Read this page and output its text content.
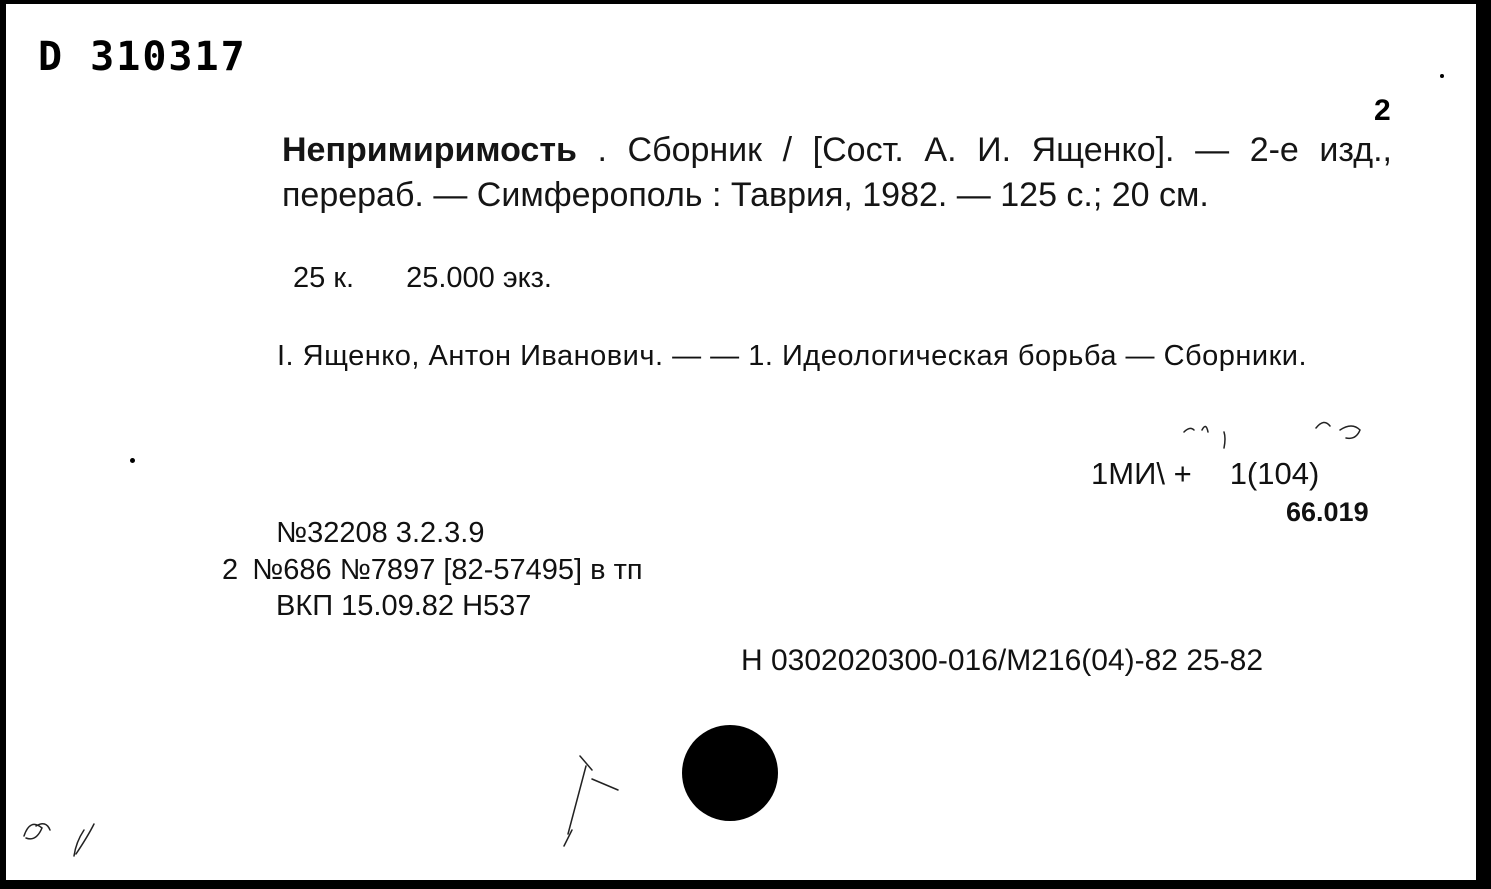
D 310317
2
Непримиримость . Сборник / [Сост. А. И. Ященко]. — 2-е изд., перераб. — Симферополь : Таврия, 1982. — 125 с.; 20 см.
25 к. 25.000 экз.
I. Ященко, Антон Иванович. — — 1. Идеологическая борьба — Сборники.
1МИ\ + 1(104)
66.019
№32208 3.2.3.9
2 №686 №7897 [82-57495] в тп
ВКП 15.09.82 Н537
Н 0302020300-016/М216(04)-82 25-82
